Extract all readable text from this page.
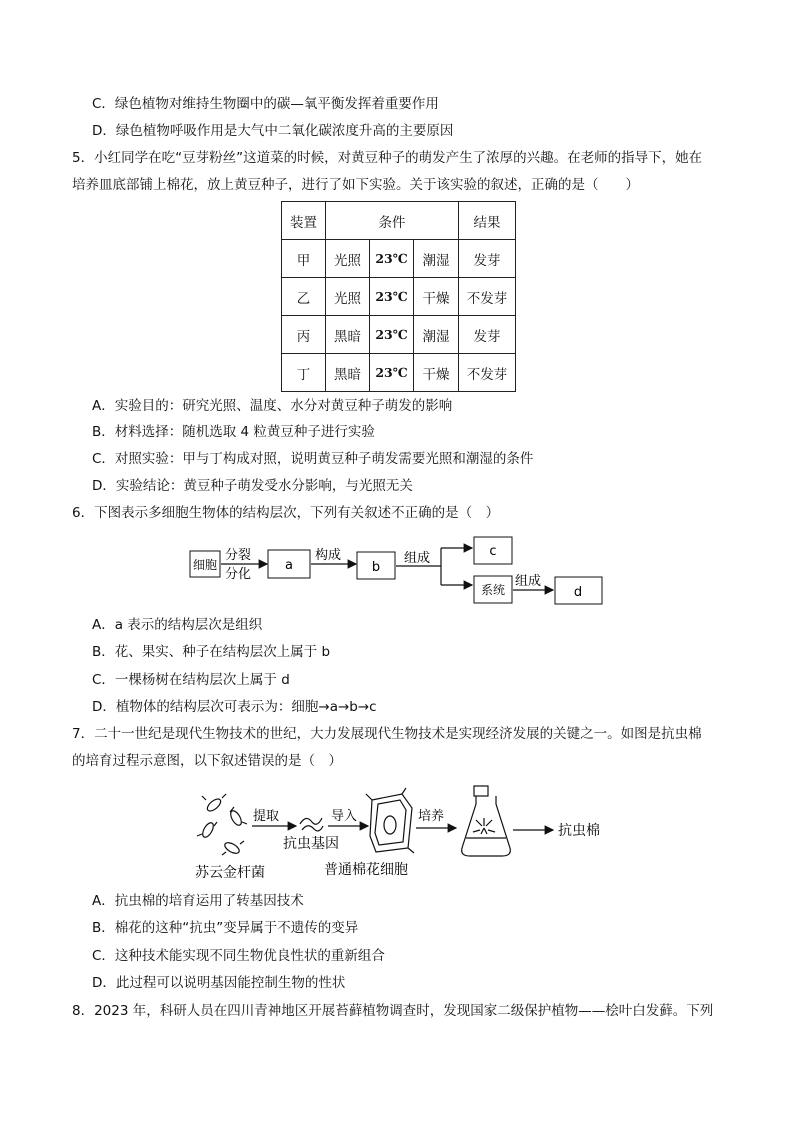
C．绿色植物对维持生物圈中的碳—氧平衡发挥着重要作用
D．绿色植物呼吸作用是大气中二氧化碳浓度升高的主要原因
5．小红同学在吃“豆芽粉丝”这道菜的时候，对黄豆种子的萌发产生了浓厚的兴趣。在老师的指导下，她在
培养皿底部铺上棉花，放上黄豆种子，进行了如下实验。关于该实验的叙述，正确的是（　　）
装置	条件			结果
甲	光照	23℃	潮湿	发芽
乙	光照	23℃	干燥	不发芽
丙	黑暗	23℃	潮湿	发芽
丁	黑暗	23℃	干燥	不发芽
A．实验目的：研究光照、温度、水分对黄豆种子萌发的影响
B．材料选择：随机选取 4 粒黄豆种子进行实验
C．对照实验：甲与丁构成对照，说明黄豆种子萌发需要光照和潮湿的条件
D．实验结论：黄豆种子萌发受水分影响，与光照无关
6．下图表示多细胞生物体的结构层次，下列有关叙述不正确的是（　）
细胞
分裂
分化
a
构成
b
组成	c
系统
组成
d
A．a 表示的结构层次是组织
B．花、果实、种子在结构层次上属于 b
C．一棵杨树在结构层次上属于 d
D．植物体的结构层次可表示为：细胞→a→b→c
7．二十一世纪是现代生物技术的世纪，大力发展现代生物技术是实现经济发展的关键之一。如图是抗虫棉
的培育过程示意图，以下叙述错误的是（　）
苏云金杆菌
提取
抗虫基因
导入
普通棉花细胞
培养
抗虫棉
A．抗虫棉的培育运用了转基因技术
B．棉花的这种“抗虫”变异属于不遗传的变异
C．这种技术能实现不同生物优良性状的重新组合
D．此过程可以说明基因能控制生物的性状
8．2023 年，科研人员在四川青神地区开展苔藓植物调查时，发现国家二级保护植物——桧叶白发藓。下列
